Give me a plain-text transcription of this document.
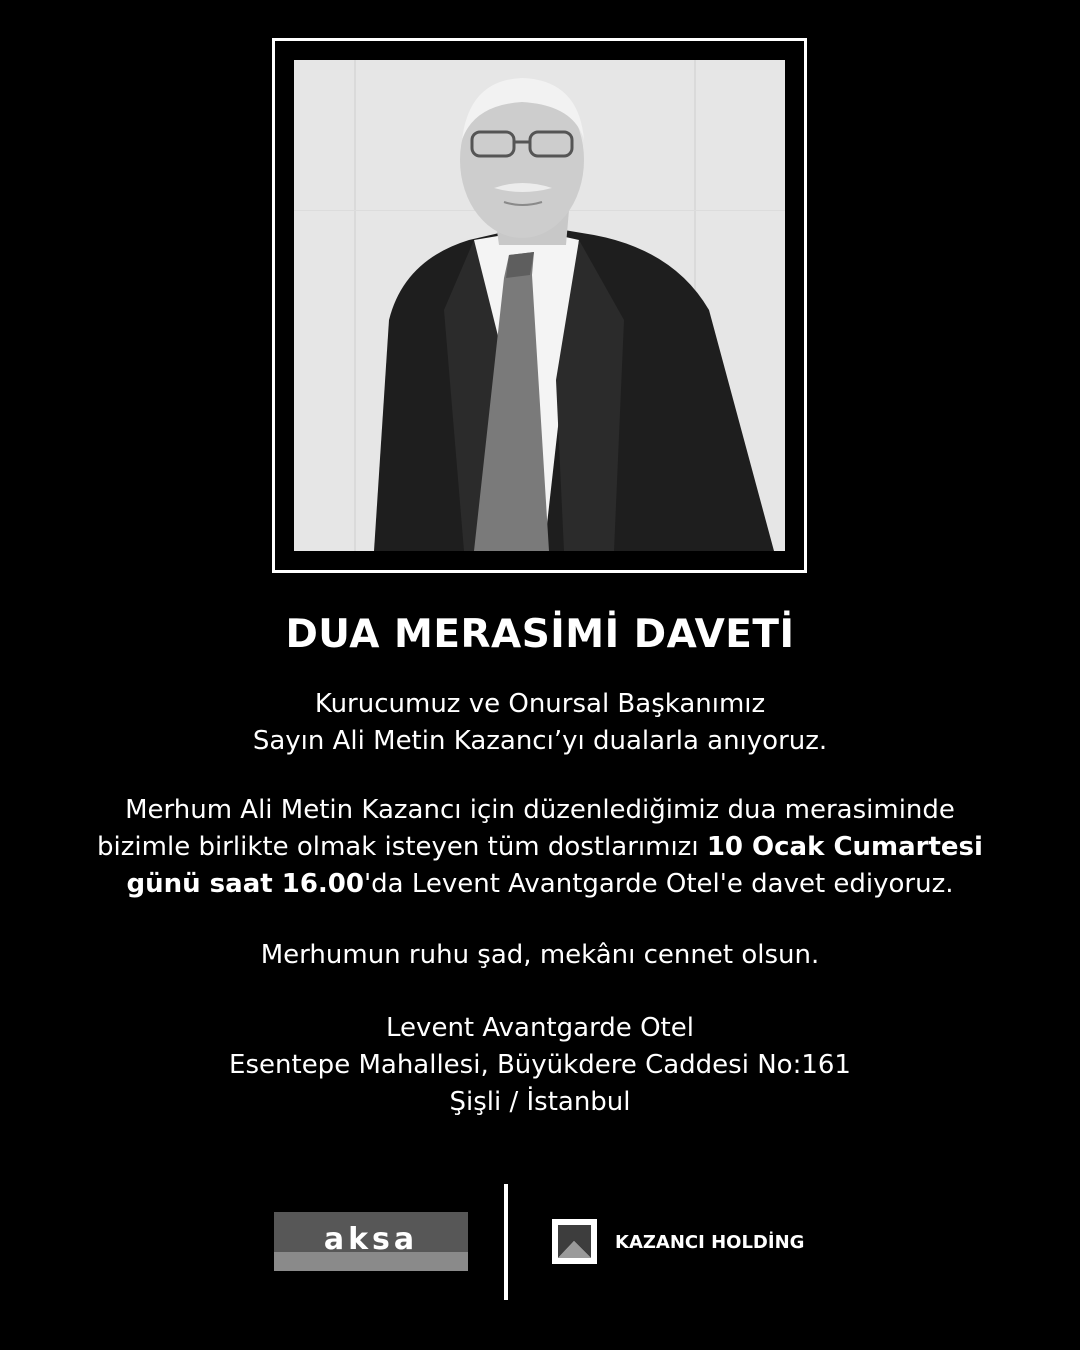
DUA MERASİMİ DAVETİ
Kurucumuz ve Onursal Başkanımız
Sayın Ali Metin Kazancı’yı dualarla anıyoruz.
Merhum Ali Metin Kazancı için düzenlediğimiz dua merasiminde
bizimle birlikte olmak isteyen tüm dostlarımızı 10 Ocak Cumartesi
günü saat 16.00'da Levent Avantgarde Otel'e davet ediyoruz.
Merhumun ruhu şad, mekânı cennet olsun.
Levent Avantgarde Otel
Esentepe Mahallesi, Büyükdere Caddesi No:161
Şişli / İstanbul
aksa	KAZANCI HOLDİNG
